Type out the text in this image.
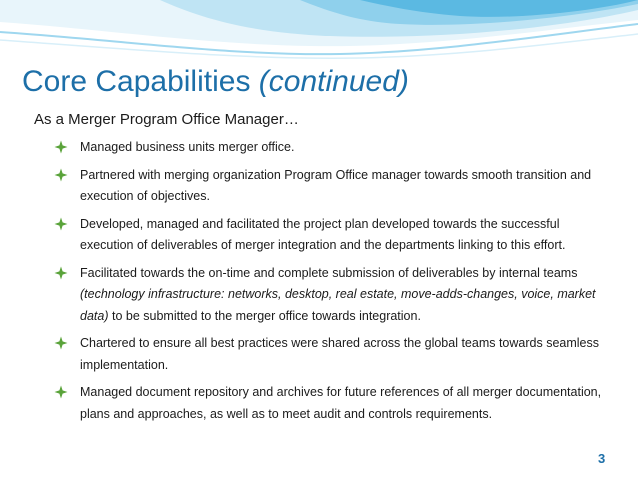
Core Capabilities (continued)

As a Merger Program Office Manager…

Managed business units merger office.
Partnered with merging organization Program Office manager towards smooth transition and execution of objectives.
Developed, managed and facilitated the project plan developed towards the successful execution of deliverables of merger integration and the departments linking to this effort.
Facilitated towards the on-time and complete submission of deliverables by internal teams (technology infrastructure: networks, desktop, real estate, move-adds-changes, voice, market data) to be submitted to the merger office towards integration.
Chartered to ensure all best practices were shared across the global teams towards seamless implementation.
Managed document repository and archives for future references of all merger documentation, plans and approaches, as well as to meet audit and controls requirements.
3
